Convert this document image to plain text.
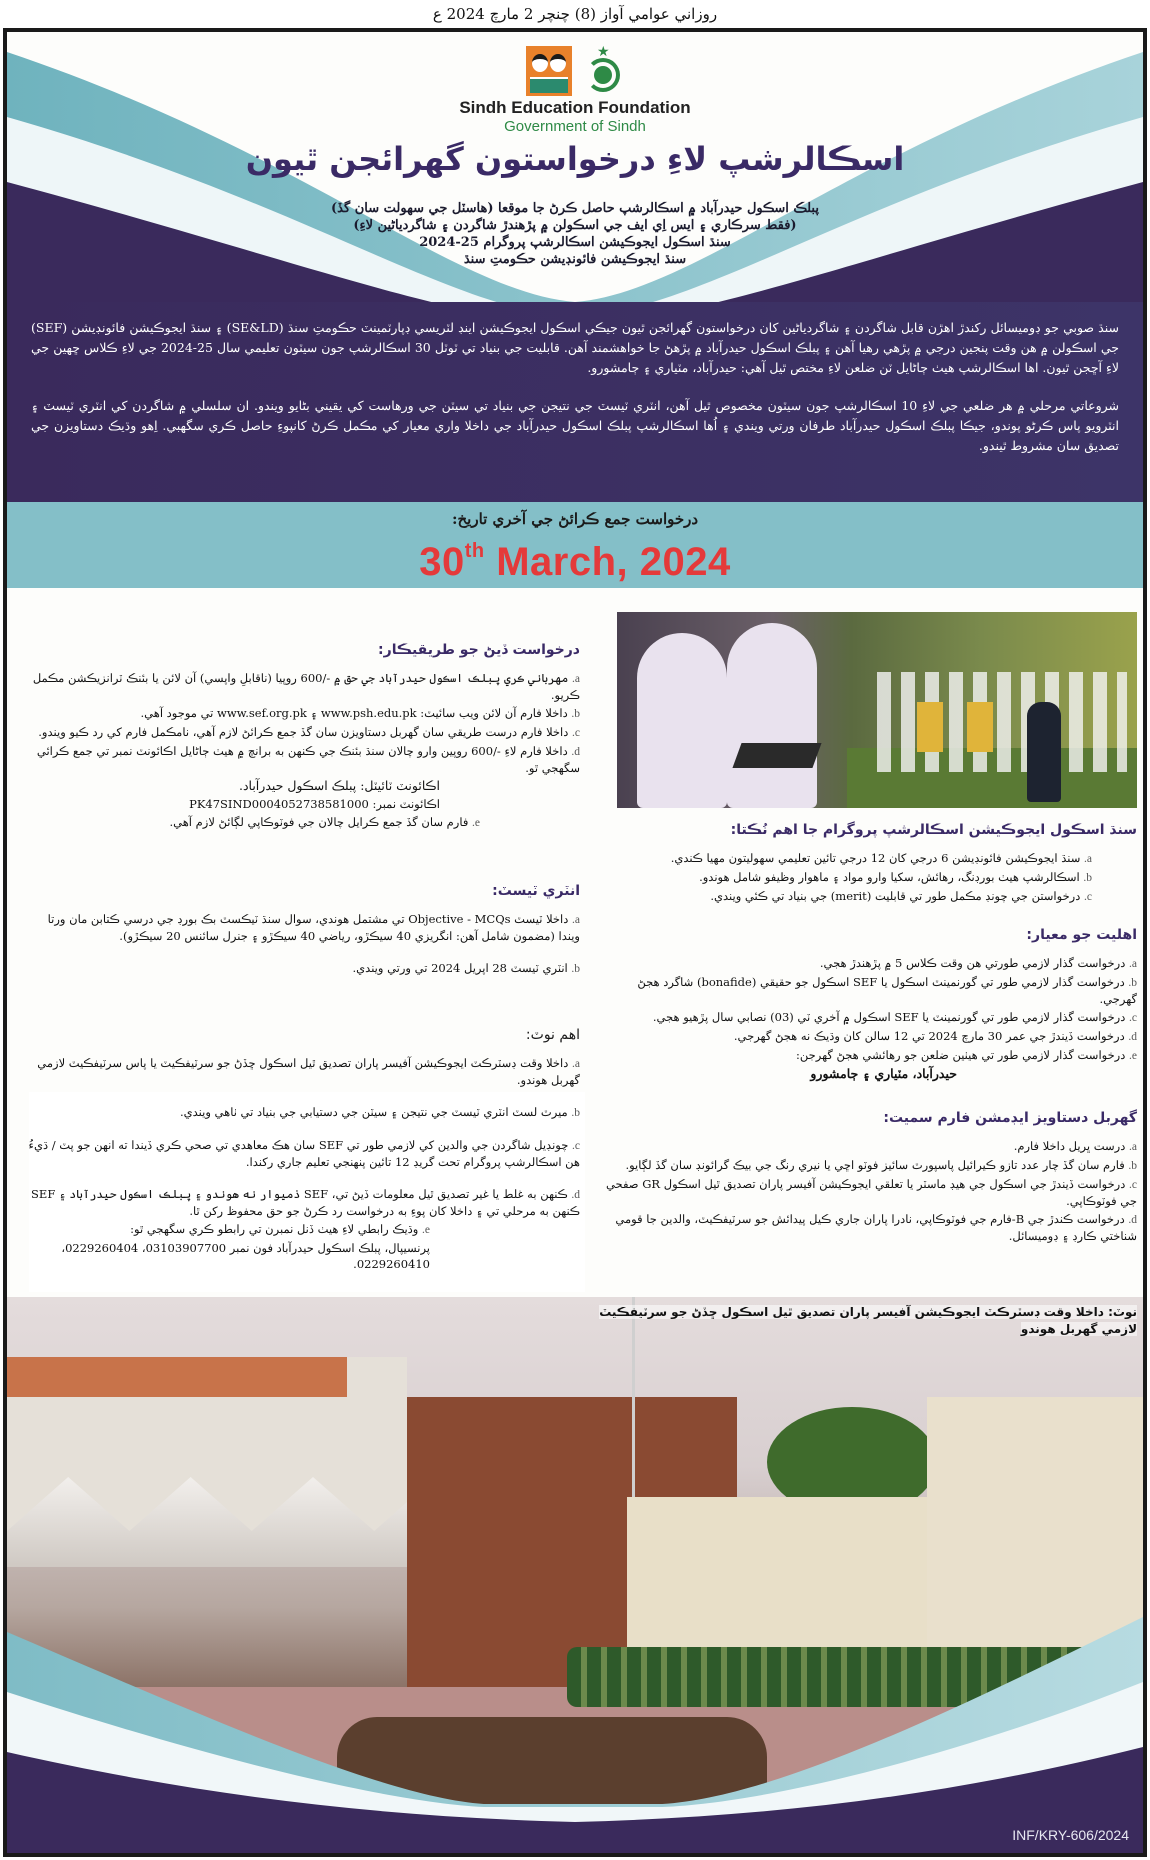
روزاني عوامي آواز (8) چنچر 2 مارچ 2024 ع
★
Sindh Education Foundation
Government of Sindh
اسڪالرشپ لاءِ درخواستون گهرائجن ٿيون
پبلڪ اسڪول حيدرآباد ۾ اسڪالرشپ حاصل ڪرڻ جا موقعا (هاسٽل جي سهولت سان گڏ)
(فقط سرڪاري ۽ ايس اِي ايف جي اسڪولن ۾ پڙهندڙ شاگردن ۽ شاگردياڻين لاءِ)
سنڌ اسڪول ايجوڪيشن اسڪالرشپ پروگرام 25-2024
سنڌ ايجوڪيشن فائونڊيشن حڪومتِ سنڌ

سنڌ صوبي جو ڊوميسائل رکندڙ اهڙن قابل شاگردن ۽ شاگردياڻين کان درخواستون گهرائجن ٿيون جيڪي اسڪول ايجوڪيشن اينڊ لٽريسي ڊپارٽمينٽ حڪومتِ سنڌ (SE&LD) ۽ سنڌ ايجوڪيشن فائونڊيشن (SEF) جي اسڪولن ۾ هن وقت پنجين درجي ۾ پڙهي رهيا آهن ۽ پبلڪ اسڪول حيدرآباد ۾ پڙهڻ جا خواهشمند آهن. قابليت جي بنياد تي ٽوٽل 30 اسڪالرشپ جون سيٽون تعليمي سال 25-2024 جي لاءِ ڪلاس ڇهين جي لاءِ آڇجن ٿيون. اها اسڪالرشپ هيٺ ڄاڻايل ٽن ضلعن لاءِ مختص ٿيل آهي: حيدرآباد، مٽياري ۽ ڄامشورو.

شروعاتي مرحلي ۾ هر ضلعي جي لاءِ 10 اسڪالرشپ جون سيٽون مخصوص ٿيل آهن، انٽري ٽيسٽ جي نتيجن جي بنياد تي سيٽن جي ورهاست کي يقيني بڻايو ويندو. ان سلسلي ۾ شاگردن کي انٽري ٽيسٽ ۽ انٽرويو پاس ڪرڻو پوندو، جيڪا پبلڪ اسڪول حيدرآباد طرفان ورتي ويندي ۽ اُها اسڪالرشپ پبلڪ اسڪول حيدرآباد جي داخلا واري معيار کي مڪمل ڪرڻ کانپوءِ حاصل ڪري سگهبي. اِهو وڌيڪ دستاويزن جي تصديق سان مشروط ٿيندو.

درخواست جمع ڪرائڻ جي آخري تاريخ:
30th March, 2024
درخواست ڏيڻ جو طريقيڪار:
a. مهرباني ڪري پبلڪ اسڪول حيدرآباد جي حق ۾ -/600 روپيا (ناقابلِ واپسي) آن لائن يا بئنڪ ٽرانزيڪشن مڪمل ڪريو.
b. داخلا فارم آن لائن ويب سائيٽ: www.psh.edu.pk ۽ www.sef.org.pk تي موجود آهي.
c. داخلا فارم درست طريقي سان گهربل دستاويزن سان گڏ جمع ڪرائڻ لازم آهي، نامڪمل فارم کي رد ڪيو ويندو.
d. داخلا فارم لاءِ -/600 روپين وارو چالان سنڌ بئنڪ جي ڪنهن به برانچ ۾ هيٺ ڄاڻايل اڪائونٽ نمبر تي جمع ڪرائي سگهجي ٿو.
اڪائونٽ ٽائيٽل: پبلڪ اسڪول حيدرآباد.
اڪائونٽ نمبر: PK47SIND0004052738581000
e. فارم سان گڏ جمع ڪرايل چالان جي فوٽوڪاپي لڳائڻ لازم آهي.
انٽري ٽيسٽ:
a. داخلا ٽيسٽ Objective - MCQs تي مشتمل هوندي، سوال سنڌ ٽيڪسٽ بڪ بورڊ جي درسي ڪتابن مان ورتا ويندا (مضمون شامل آهن: انگريزي 40 سيڪڙو، رياضي 40 سيڪڙو ۽ جنرل سائنس 20 سيڪڙو).
b. انٽري ٽيسٽ 28 اپريل 2024 تي ورتي ويندي.
اهم نوٽ:
a. داخلا وقت ڊسٽرڪٽ ايجوڪيشن آفيسر پاران تصديق ٿيل اسڪول ڇڏڻ جو سرٽيفڪيٽ يا پاس سرٽيفڪيٽ لازمي گهربل هوندو.
b. ميرٽ لسٽ انٽري ٽيسٽ جي نتيجن ۽ سيٽن جي دستيابي جي بنياد تي ٺاهي ويندي.
c. چونڊيل شاگردن جي والدين کي لازمي طور تي SEF سان هڪ معاهدي تي صحي ڪري ڏيندا ته انهن جو پٽ / ڌيءُ هن اسڪالرشپ پروگرام تحت گريڊ 12 تائين پنهنجي تعليم جاري رکندا.
d. ڪنهن به غلط يا غير تصديق ٿيل معلومات ڏيڻ تي، SEF ذميوار نه هوندو ۽ پبلڪ اسڪول حيدرآباد ۽ SEF ڪنهن به مرحلي تي ۽ داخلا کان پوءِ به درخواست رد ڪرڻ جو حق محفوظ رکن ٿا.
e. وڌيڪ رابطي لاءِ هيٺ ڏنل نمبرن تي رابطو ڪري سگهجي ٿو:
پرنسيپال، پبلڪ اسڪول حيدرآباد فون نمبر 03103907700، 0229260404، 0229260410.
سنڌ اسڪول ايجوڪيشن اسڪالرشپ پروگرام جا اهم نُڪتا:
a. سنڌ ايجوڪيشن فائونڊيشن 6 درجي کان 12 درجي تائين تعليمي سهوليتون مهيا ڪندي.
b. اسڪالرشپ هيٺ بورڊنگ، رهائش، سکيا وارو مواد ۽ ماهوار وظيفو شامل هوندو.
c. درخواستن جي چونڊ مڪمل طور تي قابليت (merit) جي بنياد تي ڪئي ويندي.
اهليت جو معيار:
a. درخواست گذار لازمي طورتي هن وقت ڪلاس 5 ۾ پڙهندڙ هجي.
b. درخواست گذار لازمي طور تي گورنمينٽ اسڪول يا SEF اسڪول جو حقيقي (bonafide) شاگرد هجڻ گهرجي.
c. درخواست گذار لازمي طور تي گورنمينٽ يا SEF اسڪول ۾ آخري ٽي (03) نصابي سال پڙهيو هجي.
d. درخواست ڏيندڙ جي عمر 30 مارچ 2024 تي 12 سالن کان وڌيڪ نه هجڻ گهرجي.
e. درخواست گذار لازمي طور تي هيٺين ضلعن جو رهائشي هجڻ گهرجن:
حيدرآباد، مٽياري ۽ ڄامشورو
گهربل دستاويز ايڊمشن فارم سميت:
a. درست ڀريل داخلا فارم.
b. فارم سان گڏ چار عدد تازو ڪيرائيل پاسپورٽ سائيز فوٽو اڇي يا نيري رنگ جي بيڪ گرائونڊ سان گڏ لڳايو.
c. درخواست ڏيندڙ جي اسڪول جي هيڊ ماسٽر يا تعلقي ايجوڪيشن آفيسر پاران تصديق ٿيل اسڪول GR صفحي جي فوٽوڪاپي.
d. درخواست ڪندڙ جي B-فارم جي فوٽوڪاپي، نادرا پاران جاري ڪيل پيدائش جو سرٽيفڪيٽ، والدين جا قومي شناختي ڪارڊ ۽ ڊوميسائل.
نوٽ: داخلا وقت ڊسٽرڪٽ ايجوڪيشن آفيسر پاران تصديق ٿيل اسڪول ڇڏڻ جو سرٽيفڪيٽ لازمي گهربل هوندو
INF/KRY-606/2024
